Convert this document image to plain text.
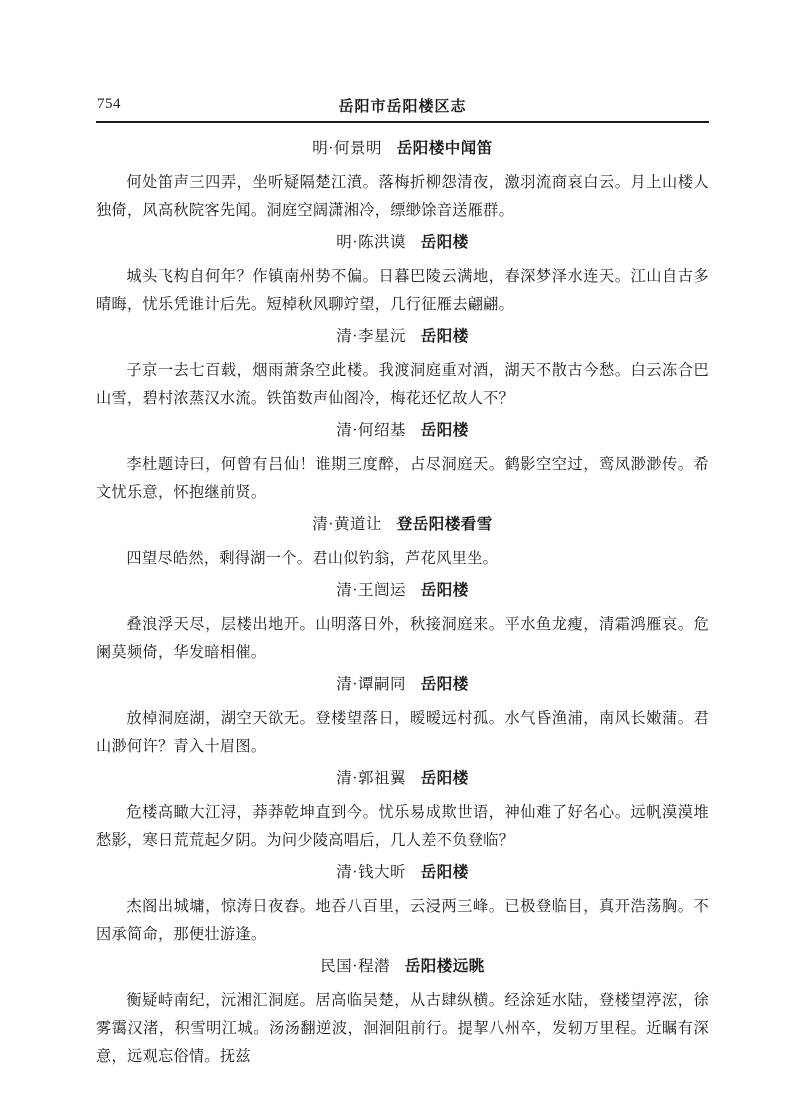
754	岳阳市岳阳楼区志
明·何景明 岳阳楼中闻笛

何处笛声三四弄，坐听疑隔楚江濆。落梅折柳怨清夜，激羽流商哀白云。月上山楼人独倚，风高秋院客先闻。洞庭空阔潇湘冷，缥缈馀音送雁群。

明·陈洪谟 岳阳楼

城头飞构自何年？作镇南州势不偏。日暮巴陵云满地，春深梦泽水连天。江山自古多晴晦，忧乐凭谁计后先。短棹秋风聊竚望，几行征雁去翩翩。

清·李星沅 岳阳楼

子京一去七百载，烟雨萧条空此楼。我渡洞庭重对酒，湖天不散古今愁。白云冻合巴山雪，碧村浓蒸汉水流。铁笛数声仙阁冷，梅花还忆故人不？

清·何绍基 岳阳楼

李杜题诗曰，何曾有吕仙！谁期三度醉，占尽洞庭天。鹤影空空过，鸾凤渺渺传。希文忧乐意，怀抱继前贤。

清·黄道让 登岳阳楼看雪

四望尽皓然，剩得湖一个。君山似钓翁，芦花风里坐。

清·王闿运 岳阳楼

叠浪浮天尽，层楼出地开。山明落日外，秋接洞庭来。平水鱼龙瘦，清霜鸿雁哀。危阑莫频倚，华发暗相催。

清·谭嗣同 岳阳楼

放棹洞庭湖，湖空天欲无。登楼望落日，暧暧远村孤。水气昏渔浦，南风长嫩蒲。君山渺何许？青入十眉图。

清·郭祖翼 岳阳楼

危楼高瞰大江浔，莽莽乾坤直到今。忧乐易成欺世语，神仙难了好名心。远帆漠漠堆愁影，寒日荒荒起夕阴。为问少陵高唱后，几人差不负登临？

清·钱大昕 岳阳楼

杰阁出城墉，惊涛日夜舂。地吞八百里，云浸两三峰。已极登临目，真开浩荡胸。不因承简命，那便壮游逢。

民国·程潜 岳阳楼远眺

衡疑峙南纪，沅湘汇洞庭。居高临吴楚，从古肆纵横。经涂延水陆，登楼望渟浤，徐雾霭汉渚，积雪明江城。汤汤翻逆波，洄洄阻前行。提挈八州卒，发轫万里程。近瞩有深意，远观忘俗情。抚兹
